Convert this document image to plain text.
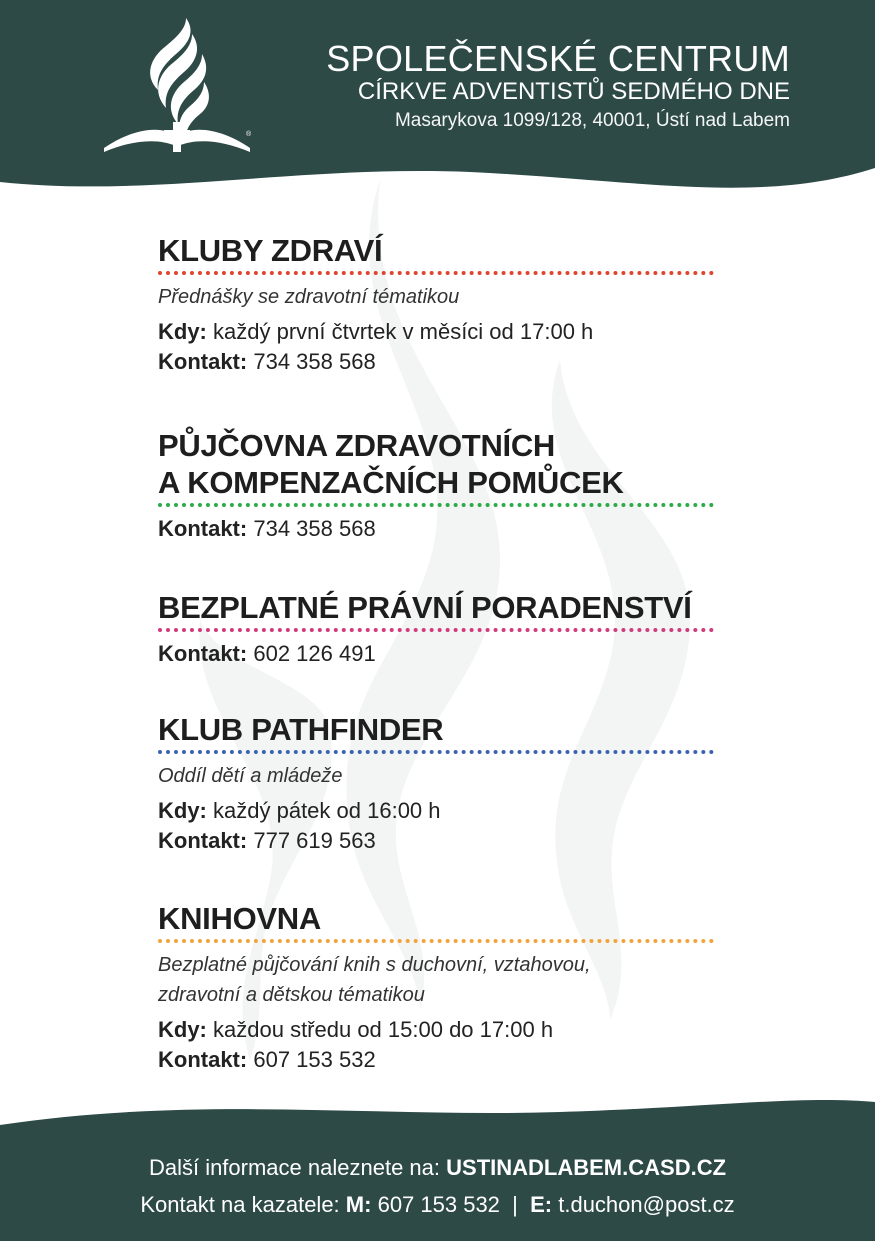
®
SPOLEČENSKÉ CENTRUM
CÍRKVE ADVENTISTŮ SEDMÉHO DNE
Masarykova 1099/128, 40001, Ústí nad Labem
KLUBY ZDRAVÍ
Přednášky se zdravotní tématikou
Kdy: každý první čtvrtek v měsíci od 17:00 h
Kontakt: 734 358 568
PŮJČOVNA ZDRAVOTNÍCH
A KOMPENZAČNÍCH POMŮCEK
Kontakt: 734 358 568
BEZPLATNÉ PRÁVNÍ PORADENSTVÍ
Kontakt: 602 126 491
KLUB PATHFINDER
Oddíl dětí a mládeže
Kdy: každý pátek od 16:00 h
Kontakt: 777 619 563
KNIHOVNA
Bezplatné půjčování knih s duchovní, vztahovou,
zdravotní a dětskou tématikou
Kdy: každou středu od 15:00 do 17:00 h
Kontakt: 607 153 532
Další informace naleznete na: USTINADLABEM.CASD.CZ
Kontakt na kazatele: M: 607 153 532 | E: t.duchon@post.cz
